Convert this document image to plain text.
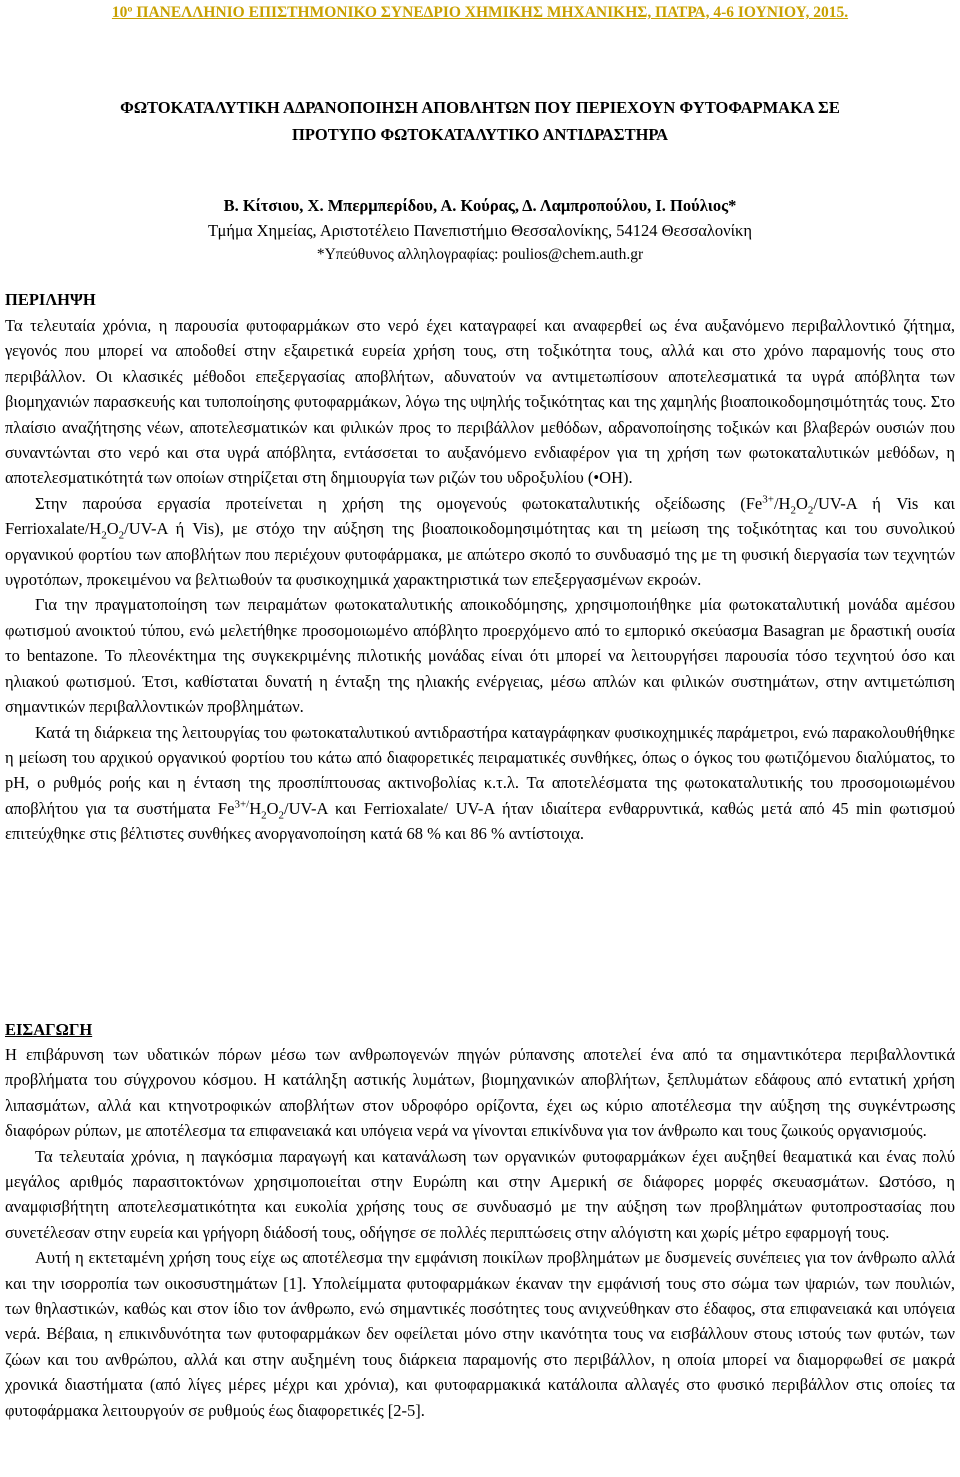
10º ΠΑΝΕΛΛΗΝΙΟ ΕΠΙΣΤΗΜΟΝΙΚΟ ΣΥΝΕΔΡΙΟ ΧΗΜΙΚΗΣ ΜΗΧΑΝΙΚΗΣ, ΠΑΤΡΑ, 4-6 ΙΟΥΝΙΟΥ, 2015.
ΦΩΤΟΚΑΤΑΛΥΤΙΚΗ ΑΔΡΑΝΟΠΟΙΗΣΗ ΑΠΟΒΛΗΤΩΝ ΠΟΥ ΠΕΡΙΕΧΟΥΝ ΦΥΤΟΦΑΡΜΑΚΑ ΣΕ
ΠΡΟΤΥΠΟ ΦΩΤΟΚΑΤΑΛΥΤΙΚΟ ΑΝΤΙΔΡΑΣΤΗΡΑ
Β. Κίτσιου, Χ. Μπερμπερίδου, Α. Κούρας, Δ. Λαμπροπούλου, Ι. Πούλιος*
Τμήμα Χημείας, Αριστοτέλειο Πανεπιστήμιο Θεσσαλονίκης, 54124 Θεσσαλονίκη
*Υπεύθυνος αλληλογραφίας: poulios@chem.auth.gr
ΠΕΡΙΛΗΨΗ

Τα τελευταία χρόνια, η παρουσία φυτοφαρμάκων στο νερό έχει καταγραφεί και αναφερθεί ως ένα αυξανόμενο περιβαλλοντικό ζήτημα, γεγονός που μπορεί να αποδοθεί στην εξαιρετικά ευρεία χρήση τους, στη τοξικότητα τους, αλλά και στο χρόνο παραμονής τους στο περιβάλλον. Οι κλασικές μέθοδοι επεξεργασίας αποβλήτων, αδυνατούν να αντιμετωπίσουν αποτελεσματικά τα υγρά απόβλητα των βιομηχανιών παρασκευής και τυποποίησης φυτοφαρμάκων, λόγω της υψηλής τοξικότητας και της χαμηλής βιοαποικοδομησιμότητάς τους. Στο πλαίσιο αναζήτησης νέων, αποτελεσματικών και φιλικών προς το περιβάλλον μεθόδων, αδρανοποίησης τοξικών και βλαβερών ουσιών που συναντώνται στο νερό και στα υγρά απόβλητα, εντάσσεται το αυξανόμενο ενδιαφέρον για τη χρήση των φωτοκαταλυτικών μεθόδων, η αποτελεσματικότητά των οποίων στηρίζεται στη δημιουργία των ριζών του υδροξυλίου (•OH).

Στην παρούσα εργασία προτείνεται η χρήση της ομογενούς φωτοκαταλυτικής οξείδωσης ($Fe^{3+}/H_2O_2/UV-A$ ή Vis και Ferrioxalate/$H_2O_2/UV-A$ ή Vis), με στόχο την αύξηση της βιοαποικοδομησιμότητας και τη μείωση της τοξικότητας και του συνολικού οργανικού φορτίου των αποβλήτων που περιέχουν φυτοφάρμακα, με απώτερο σκοπό το συνδυασμό της με τη φυσική διεργασία των τεχνητών υγροτόπων, προκειμένου να βελτιωθούν τα φυσικοχημικά χαρακτηριστικά των επεξεργασμένων εκροών.

Για την πραγματοποίηση των πειραμάτων φωτοκαταλυτικής αποικοδόμησης, χρησιμοποιήθηκε μία φωτοκαταλυτική μονάδα αμέσου φωτισμού ανοικτού τύπου, ενώ μελετήθηκε προσομοιωμένο απόβλητο προερχόμενο από το εμπορικό σκεύασμα Basagran με δραστική ουσία το bentazone. Το πλεονέκτημα της συγκεκριμένης πιλοτικής μονάδας είναι ότι μπορεί να λειτουργήσει παρουσία τόσο τεχνητού όσο και ηλιακού φωτισμού. Έτσι, καθίσταται δυνατή η ένταξη της ηλιακής ενέργειας, μέσω απλών και φιλικών συστημάτων, στην αντιμετώπιση σημαντικών περιβαλλοντικών προβλημάτων.

Κατά τη διάρκεια της λειτουργίας του φωτοκαταλυτικού αντιδραστήρα καταγράφηκαν φυσικοχημικές παράμετροι, ενώ παρακολουθήθηκε η μείωση του αρχικού οργανικού φορτίου του κάτω από διαφορετικές πειραματικές συνθήκες, όπως ο όγκος του φωτιζόμενου διαλύματος, το pH, ο ρυθμός ροής και η ένταση της προσπίπτουσας ακτινοβολίας κ.τ.λ. Τα αποτελέσματα της φωτοκαταλυτικής του προσομοιωμένου αποβλήτου για τα συστήματα $Fe^{3+/}H_2O_2/UV-A$ και Ferrioxalate/ UV-A ήταν ιδιαίτερα ενθαρρυντικά, καθώς μετά από 45 min φωτισμού επιτεύχθηκε στις βέλτιστες συνθήκες ανοργανοποίηση κατά 68 % και 86 % αντίστοιχα.

ΕΙΣΑΓΩΓΗ

Η επιβάρυνση των υδατικών πόρων μέσω των ανθρωπογενών πηγών ρύπανσης αποτελεί ένα από τα σημαντικότερα περιβαλλοντικά προβλήματα του σύγχρονου κόσμου. Η κατάληξη αστικής λυμάτων, βιομηχανικών αποβλήτων, ξεπλυμάτων εδάφους από εντατική χρήση λιπασμάτων, αλλά και κτηνοτροφικών αποβλήτων στον υδροφόρο ορίζοντα, έχει ως κύριο αποτέλεσμα την αύξηση της συγκέντρωσης διαφόρων ρύπων, με αποτέλεσμα τα επιφανειακά και υπόγεια νερά να γίνονται επικίνδυνα για τον άνθρωπο και τους ζωικούς οργανισμούς.

Τα τελευταία χρόνια, η παγκόσμια παραγωγή και κατανάλωση των οργανικών φυτοφαρμάκων έχει αυξηθεί θεαματικά και ένας πολύ μεγάλος αριθμός παρασιτοκτόνων χρησιμοποιείται στην Ευρώπη και στην Αμερική σε διάφορες μορφές σκευασμάτων. Ωστόσο, η αναμφισβήτητη αποτελεσματικότητα και ευκολία χρήσης τους σε συνδυασμό με την αύξηση των προβλημάτων φυτοπροστασίας που συνετέλεσαν στην ευρεία και γρήγορη διάδοσή τους, οδήγησε σε πολλές περιπτώσεις στην αλόγιστη και χωρίς μέτρο εφαρμογή τους.

Αυτή η εκτεταμένη χρήση τους είχε ως αποτέλεσμα την εμφάνιση ποικίλων προβλημάτων με δυσμενείς συνέπειες για τον άνθρωπο αλλά και την ισορροπία των οικοσυστημάτων [1]. Υπολείμματα φυτοφαρμάκων έκαναν την εμφάνισή τους στο σώμα των ψαριών, των πουλιών, των θηλαστικών, καθώς και στον ίδιο τον άνθρωπο, ενώ σημαντικές ποσότητες τους ανιχνεύθηκαν στο έδαφος, στα επιφανειακά και υπόγεια νερά. Βέβαια, η επικινδυνότητα των φυτοφαρμάκων δεν οφείλεται μόνο στην ικανότητα τους να εισβάλλουν στους ιστούς των φυτών, των ζώων και του ανθρώπου, αλλά και στην αυξημένη τους διάρκεια παραμονής στο περιβάλλον, η οποία μπορεί να διαμορφωθεί σε μακρά χρονικά διαστήματα (από λίγες μέρες μέχρι και χρόνια), και φυτοφαρμακικά κατάλοιπα αλλαγές στο φυσικό περιβάλλον στις οποίες τα φυτοφάρμακα λειτουργούν σε ρυθμούς έως διαφορετικές [2-5].
